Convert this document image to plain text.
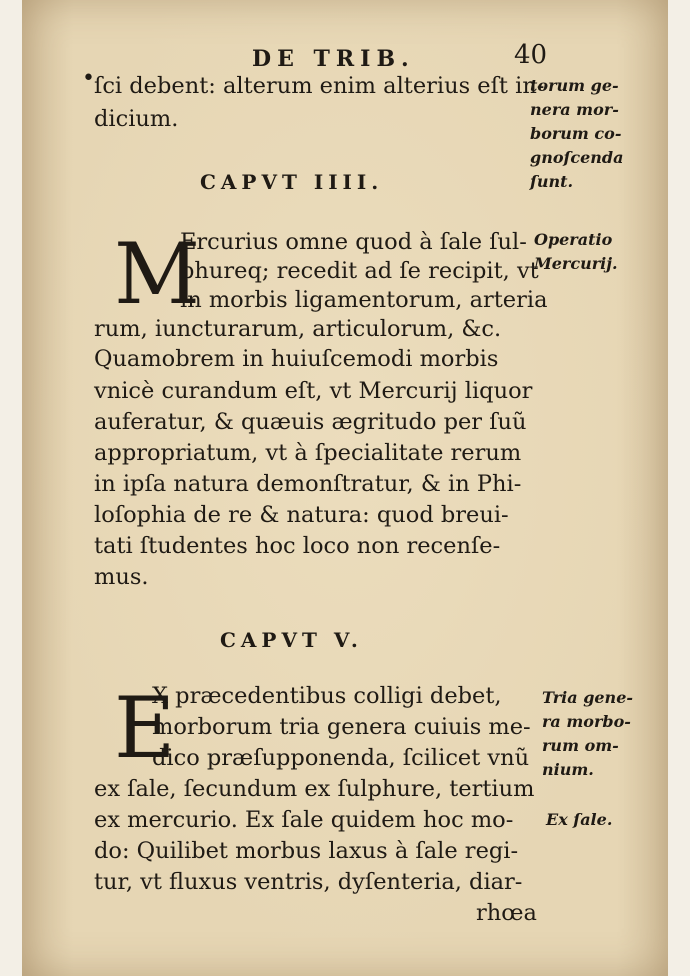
DE TRIB.	40
• ſci debent: alterum enim alterius eſt in-
dicium.
CAPVT IIII.
M
Ercurius omne quod à ſale ſul-
phureq; recedit ad ſe recipit, vt
in morbis ligamentorum, arteria
rum, iuncturarum, articulorum, &c.
Quamobrem in huiuſcemodi morbis
vnicè curandum eſt, vt Mercurij liquor
auferatur, & quæuis ægritudo per ſuũ
appropriatum, vt à ſpecialitate rerum
in ipſa natura demonſtratur, & in Phi-
loſophia de re & natura: quod breui-
tati ſtudentes hoc loco non recenſe-
mus.
CAPVT V.
E
X præcedentibus colligi debet,
morborum tria genera cuiuis me-
dico præſupponenda, ſcilicet vnũ
ex ſale, ſecundum ex ſulphure, tertium
ex mercurio. Ex ſale quidem hoc mo-
do: Quilibet morbus laxus à ſale regi-
tur, vt fluxus ventris, dyſenteria, diar-
rhœa
torum ge-
nera mor-
borum co-
gnoſcenda
ſunt.
Operatio
Mercurij.
Tria gene-
ra morbo-
rum om-
nium.
Ex ſale.
